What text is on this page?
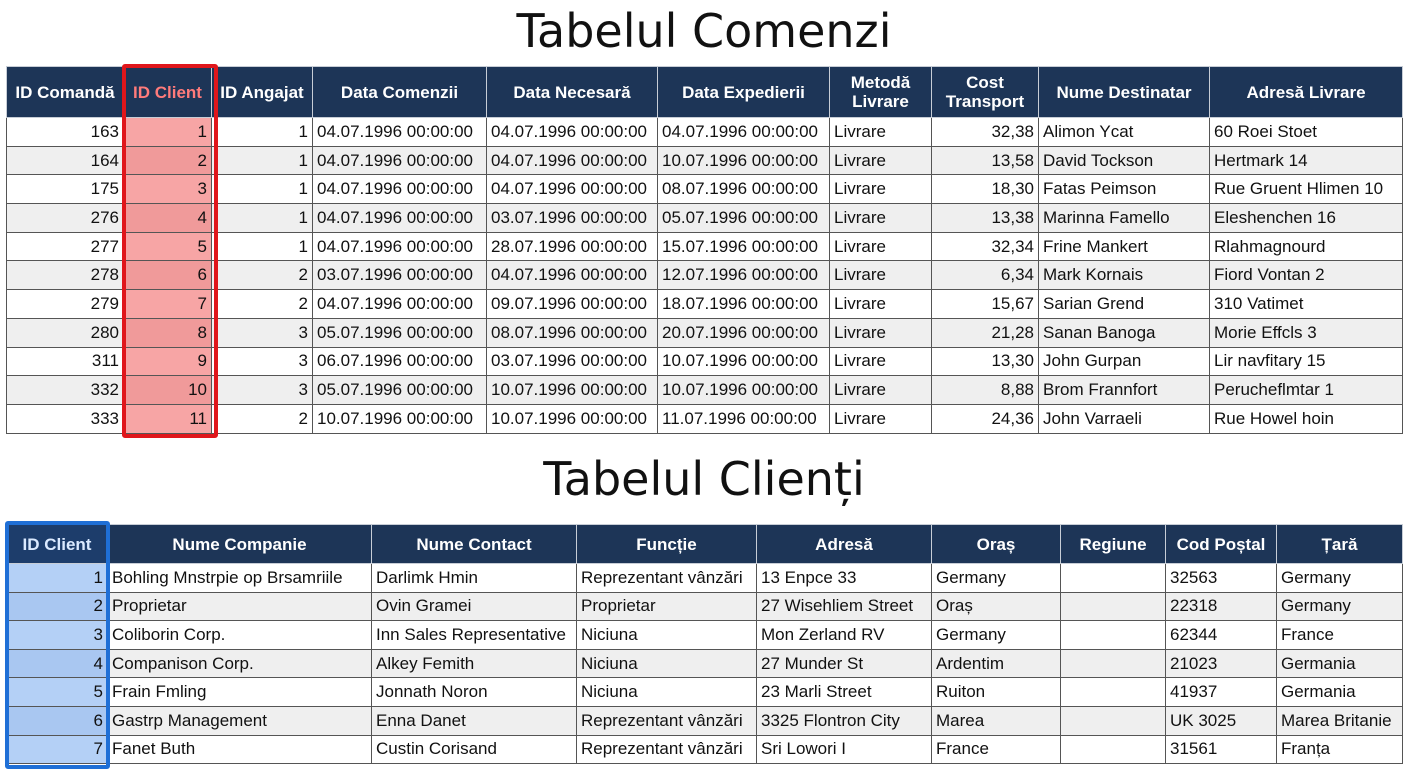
Tabelul Comenzi
ID Comandă	ID Client	ID Angajat	Data Comenzii	Data Necesară	Data Expedierii	Metodă Livrare	Cost Transport	Nume Destinatar	Adresă Livrare
163	1	1	04.07.1996 00:00:00	04.07.1996 00:00:00	04.07.1996 00:00:00	Livrare	32,38	Alimon Ycat	60 Roei Stoet
164	2	1	04.07.1996 00:00:00	04.07.1996 00:00:00	10.07.1996 00:00:00	Livrare	13,58	David Tockson	Hertmark 14
175	3	1	04.07.1996 00:00:00	04.07.1996 00:00:00	08.07.1996 00:00:00	Livrare	18,30	Fatas Peimson	Rue Gruent Hlimen 10
276	4	1	04.07.1996 00:00:00	03.07.1996 00:00:00	05.07.1996 00:00:00	Livrare	13,38	Marinna Famello	Eleshenchen 16
277	5	1	04.07.1996 00:00:00	28.07.1996 00:00:00	15.07.1996 00:00:00	Livrare	32,34	Frine Mankert	Rlahmagnourd
278	6	2	03.07.1996 00:00:00	04.07.1996 00:00:00	12.07.1996 00:00:00	Livrare	6,34	Mark Kornais	Fiord Vontan 2
279	7	2	04.07.1996 00:00:00	09.07.1996 00:00:00	18.07.1996 00:00:00	Livrare	15,67	Sarian Grend	310 Vatimet
280	8	3	05.07.1996 00:00:00	08.07.1996 00:00:00	20.07.1996 00:00:00	Livrare	21,28	Sanan Banoga	Morie Effcls 3
311	9	3	06.07.1996 00:00:00	03.07.1996 00:00:00	10.07.1996 00:00:00	Livrare	13,30	John Gurpan	Lir navfitary 15
332	10	3	05.07.1996 00:00:00	10.07.1996 00:00:00	10.07.1996 00:00:00	Livrare	8,88	Brom Frannfort	Perucheflmtar 1
333	11	2	10.07.1996 00:00:00	10.07.1996 00:00:00	11.07.1996 00:00:00	Livrare	24,36	John Varraeli	Rue Howel hoin
Tabelul Clienți
ID Client	Nume Companie	Nume Contact	Funcție	Adresă	Oraș	Regiune	Cod Poștal	Țară
1	Bohling Mnstrpie op Brsamriile	Darlimk Hmin	Reprezentant vânzări	13 Enpce 33	Germany		32563	Germany
2	Proprietar	Ovin Gramei	Proprietar	27 Wisehliem Street	Oraș		22318	Germany
3	Coliborin Corp.	Inn Sales Representative	Niciuna	Mon Zerland RV	Germany		62344	France
4	Companison Corp.	Alkey Femith	Niciuna	27 Munder St	Ardentim		21023	Germania
5	Frain Fmling	Jonnath Noron	Niciuna	23 Marli Street	Ruiton		41937	Germania
6	Gastrp Management	Enna Danet	Reprezentant vânzări	3325 Flontron City	Marea		UK 3025	Marea Britanie
7	Fanet Buth	Custin Corisand	Reprezentant vânzări	Sri Lowori I	France		31561	Franța
